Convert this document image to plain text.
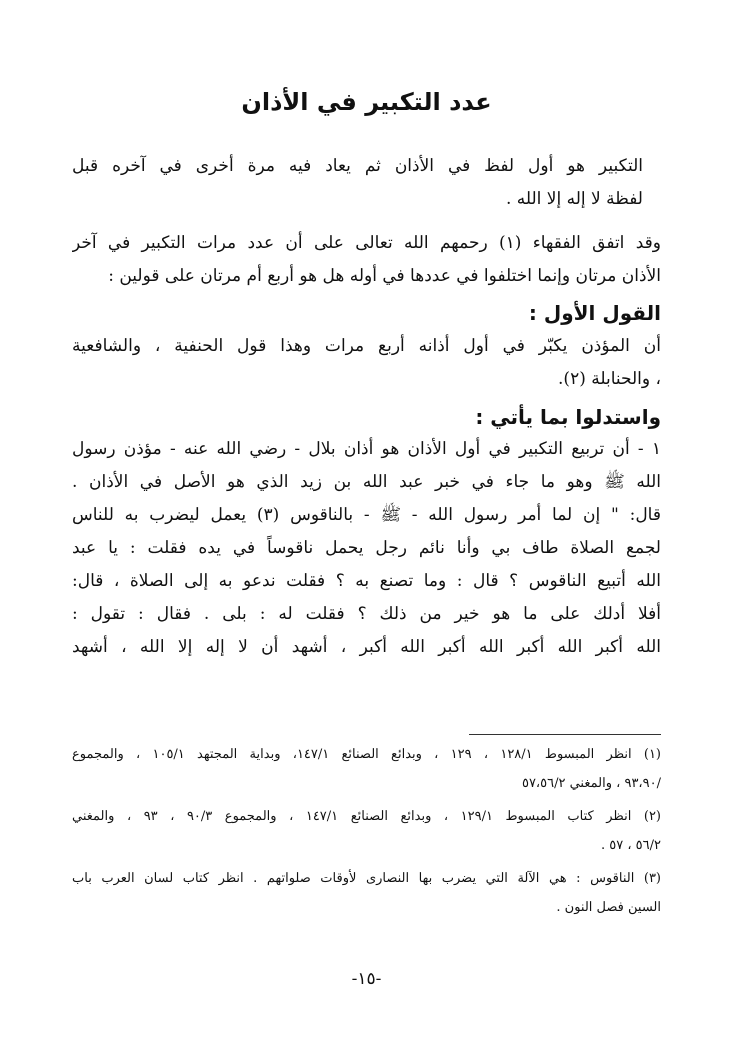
عدد التكبير في الأذان

التكبير هو أول لفظ في الأذان ثم يعاد فيه مرة أخرى في آخره قبل
لفظة لا إله إلا الله .

وقد اتفق الفقهاء (١) رحمهم الله تعالى على أن عدد مرات التكبير في آخر
الأذان مرتان وإنما اختلفوا في عددها في أوله هل هو أربع أم مرتان على قولين :

القول الأول :

أن المؤذن يكبّر في أول أذانه أربع مرات وهذا قول الحنفية ، والشافعية
، والحنابلة (٢).

واستدلوا بما يأتي :

١ - أن تربيع التكبير في أول الأذان هو أذان بلال - رضي الله عنه - مؤذن رسول
الله ﷺ وهو ما جاء في خبر عبد الله بن زيد الذي هو الأصل في الأذان .
قال: " إن لما أمر رسول الله - ﷺ - بالناقوس (٣) يعمل ليضرب به للناس
لجمع الصلاة طاف بي وأنا نائم رجل يحمل ناقوساً في يده فقلت : يا عبد
الله أتبيع الناقوس ؟ قال : وما تصنع به ؟ فقلت ندعو به إلى الصلاة ، قال:
أفلا أدلك على ما هو خير من ذلك ؟ فقلت له : بلى . فقال : تقول :
الله أكبر الله أكبر الله أكبر الله أكبر ، أشهد أن لا إله إلا الله ، أشهد

(١) انظر المبسوط ١٢٨/١ ، ١٢٩ ، وبدائع الصنائع ١٤٧/١، وبداية المجتهد ١٠٥/١ ، والمجموع
/٩٣،٩٠ ، والمغني ٥٧،٥٦/٢
(٢) انظر كتاب المبسوط ١٢٩/١ ، وبدائع الصنائع ١٤٧/١ ، والمجموع ٩٠/٣ ، ٩٣ ، والمغني
٥٦/٢ ، ٥٧ .
(٣) الناقوس : هي الآلة التي يضرب بها النصارى لأوقات صلواتهم . انظر كتاب لسان العرب باب
السين فصل النون .
-١٥-
